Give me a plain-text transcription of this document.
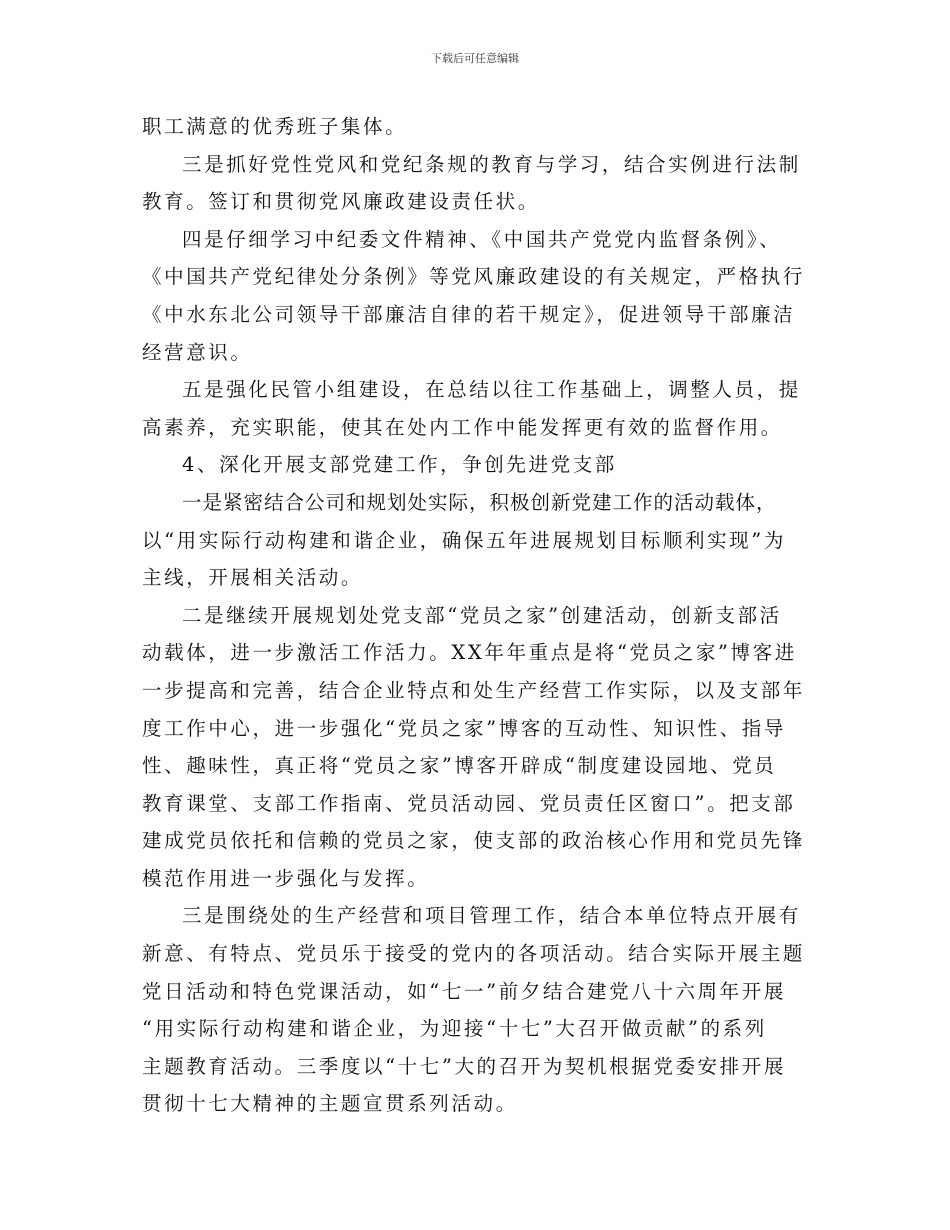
下载后可任意编辑
职工满意的优秀班子集体。
三是抓好党性党风和党纪条规的教育与学习，结合实例进行法制
教育。签订和贯彻党风廉政建设责任状。
四是仔细学习中纪委文件精神、《中国共产党党内监督条例》、
《中国共产党纪律处分条例》等党风廉政建设的有关规定，严格执行
《中水东北公司领导干部廉洁自律的若干规定》，促进领导干部廉洁
经营意识。
五是强化民管小组建设，在总结以往工作基础上，调整人员，提
高素养，充实职能，使其在处内工作中能发挥更有效的监督作用。
4、深化开展支部党建工作，争创先进党支部
一是紧密结合公司和规划处实际，积极创新党建工作的活动载体，
以“用实际行动构建和谐企业，确保五年进展规划目标顺利实现”为
主线，开展相关活动。
二是继续开展规划处党支部“党员之家”创建活动，创新支部活
动载体，进一步激活工作活力。XX年年重点是将“党员之家”博客进
一步提高和完善，结合企业特点和处生产经营工作实际，以及支部年
度工作中心，进一步强化“党员之家”博客的互动性、知识性、指导
性、趣味性，真正将“党员之家”博客开辟成“制度建设园地、党员
教育课堂、支部工作指南、党员活动园、党员责任区窗口”。把支部
建成党员依托和信赖的党员之家，使支部的政治核心作用和党员先锋
模范作用进一步强化与发挥。
三是围绕处的生产经营和项目管理工作，结合本单位特点开展有
新意、有特点、党员乐于接受的党内的各项活动。结合实际开展主题
党日活动和特色党课活动，如“七一”前夕结合建党八十六周年开展
“用实际行动构建和谐企业，为迎接“十七”大召开做贡献”的系列
主题教育活动。三季度以“十七”大的召开为契机根据党委安排开展
贯彻十七大精神的主题宣贯系列活动。
